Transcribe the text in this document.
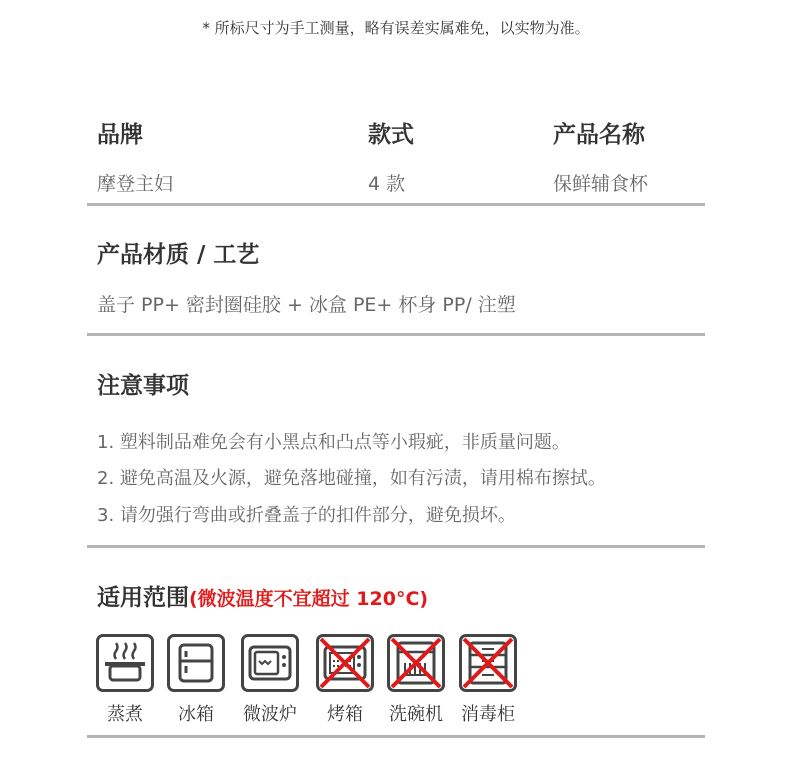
* 所标尺寸为手工测量，略有误差实属难免，以实物为准。
品牌	款式	产品名称
摩登主妇	4 款	保鲜辅食杯
产品材质 / 工艺
盖子 PP+ 密封圈硅胶 + 冰盒 PE+ 杯身 PP/ 注塑
注意事项
1. 塑料制品难免会有小黑点和凸点等小瑕疵，非质量问题。
2. 避免高温及火源，避免落地碰撞，如有污渍，请用棉布擦拭。
3. 请勿强行弯曲或折叠盖子的扣件部分，避免损坏。
适用范围(微波温度不宜超过 120°C)
蒸煮	冰箱	微波炉	烤箱	洗碗机	消毒柜
